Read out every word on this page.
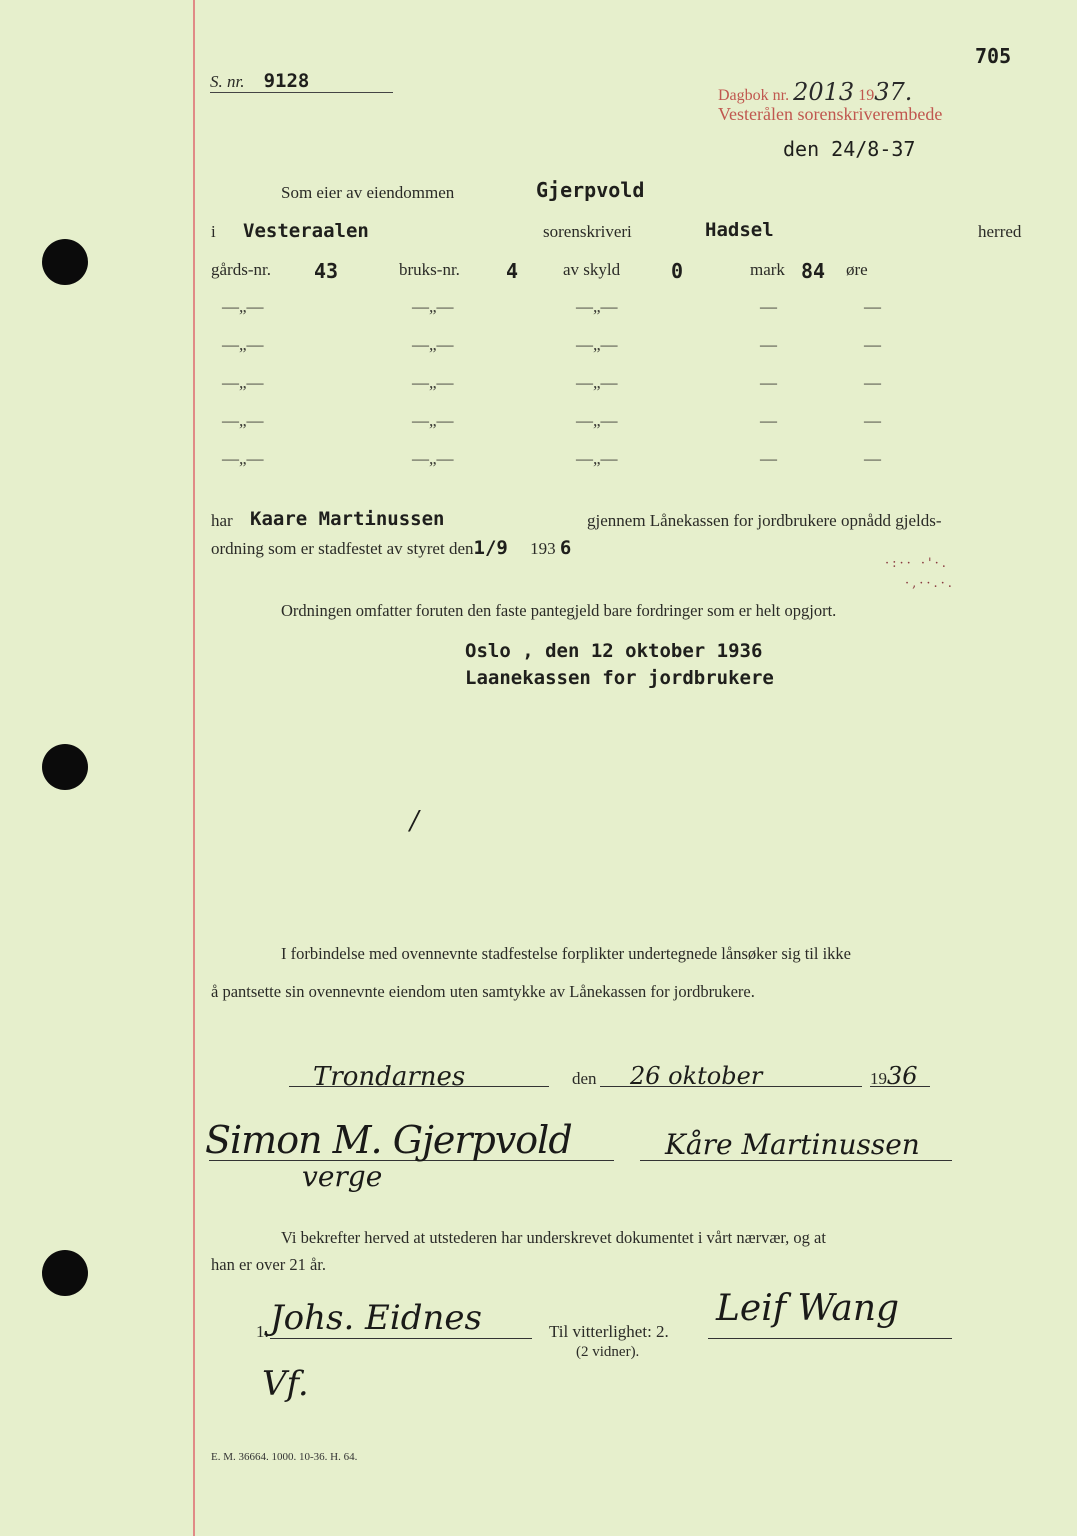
705
S. nr. 9128
Dagbok nr. 2013 1937.
Vesterålen sorenskriverembede
den 24/8-37
Som eier av eiendommen	Gjerpvold
i Vesteraalen	sorenskriveri	Hadsel	herred
gårds-nr. 43	bruks-nr. 4	av skyld	0	mark 84 øre
—„—	—„—	—„—	—	—
—„—	—„—	—„—	—	—
—„—	—„—	—„—	—	—
—„—	—„—	—„—	—	—
—„—	—„—	—„—	—	—
har Kaare Martinussen	gjennem Lånekassen for jordbrukere opnådd gjelds-
ordning som er stadfestet av styret den1/9 193 6
·:·· ·'·.
·,··.·.
Ordningen omfatter foruten den faste pantegjeld bare fordringer som er helt opgjort.
Oslo , den 12 oktober 1936
Laanekassen for jordbrukere
/
I forbindelse med ovennevnte stadfestelse forplikter undertegnede lånsøker sig til ikke
å pantsette sin ovennevnte eiendom uten samtykke av Lånekassen for jordbrukere.
Trondarnes	den	26 oktober	1936
Simon M. Gjerpvold
verge
Kåre Martinussen
Vi bekrefter herved at utstederen har underskrevet dokumentet i vårt nærvær, og at
han er over 21 år.
1. Johs. Eidnes
Vf.
Til vitterlighet: 2.
(2 vidner).
Leif Wang
E. M. 36664. 1000. 10-36. H. 64.
